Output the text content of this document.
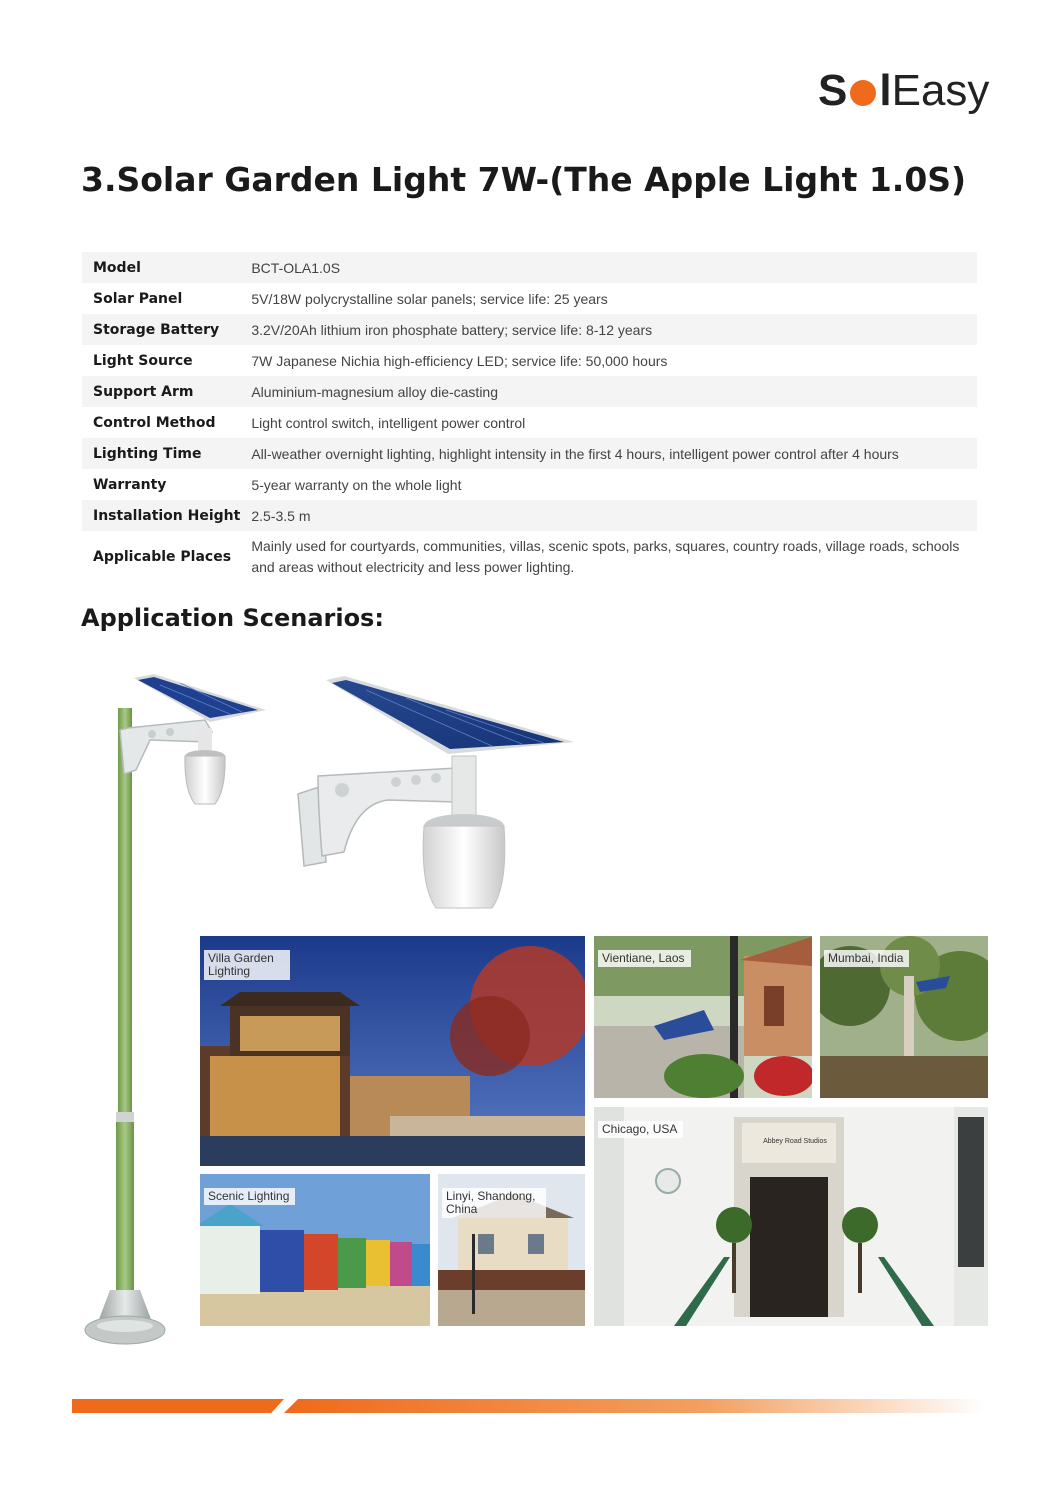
S l Easy
3.Solar Garden Light 7W-(The Apple Light 1.0S)
Model	BCT-OLA1.0S
Solar Panel	5V/18W polycrystalline solar panels; service life: 25 years
Storage Battery	3.2V/20Ah lithium iron phosphate battery; service life: 8-12 years
Light Source	7W Japanese Nichia high-efficiency LED; service life: 50,000 hours
Support Arm	Aluminium-magnesium alloy die-casting
Control Method	Light control switch, intelligent power control
Lighting Time	All-weather overnight lighting, highlight intensity in the first 4 hours, intelligent power control after 4 hours
Warranty	5-year warranty on the whole light
Installation Height	2.5-3.5 m
Applicable Places	Mainly used for courtyards, communities, villas, scenic spots, parks, squares, country roads, village roads, schools and areas without electricity and less power lighting.
Application Scenarios:
Villa Garden Lighting
Vientiane, Laos	Mumbai, India
Abbey Road Studios
Chicago, USA
Scenic Lighting	Linyi, Shandong, China
